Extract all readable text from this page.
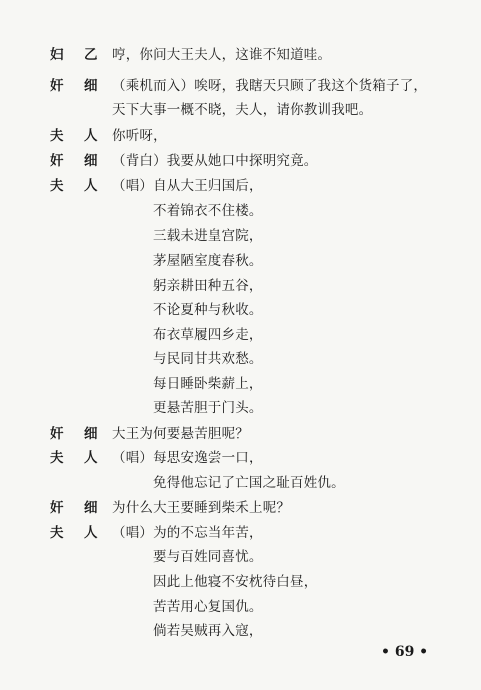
妇 乙 哼，你问大王夫人，这谁不知道哇。
奸 细 （乘机而入）唉呀，我瞎天只顾了我这个货箱子了，
天下大事一概不晓，夫人，请你教训我吧。
夫 人 你听呀，
奸 细 （背白）我要从她口中探明究竟。
夫 人 （唱）自从大王归国后，
不着锦衣不住楼。
三载未进皇宫院，
茅屋陋室度春秋。
躬亲耕田种五谷，
不论夏种与秋收。
布衣草履四乡走，
与民同甘共欢愁。
每日睡卧柴薪上，
更悬苦胆于门头。
奸 细 大王为何要悬苦胆呢？
夫 人 （唱）每思安逸尝一口，
免得他忘记了亡国之耻百姓仇。
奸 细 为什么大王要睡到柴禾上呢？
夫 人 （唱）为的不忘当年苦，
要与百姓同喜忧。
因此上他寝不安枕待白昼，
苦苦用心复国仇。
倘若吴贼再入寇，
• 69 •
